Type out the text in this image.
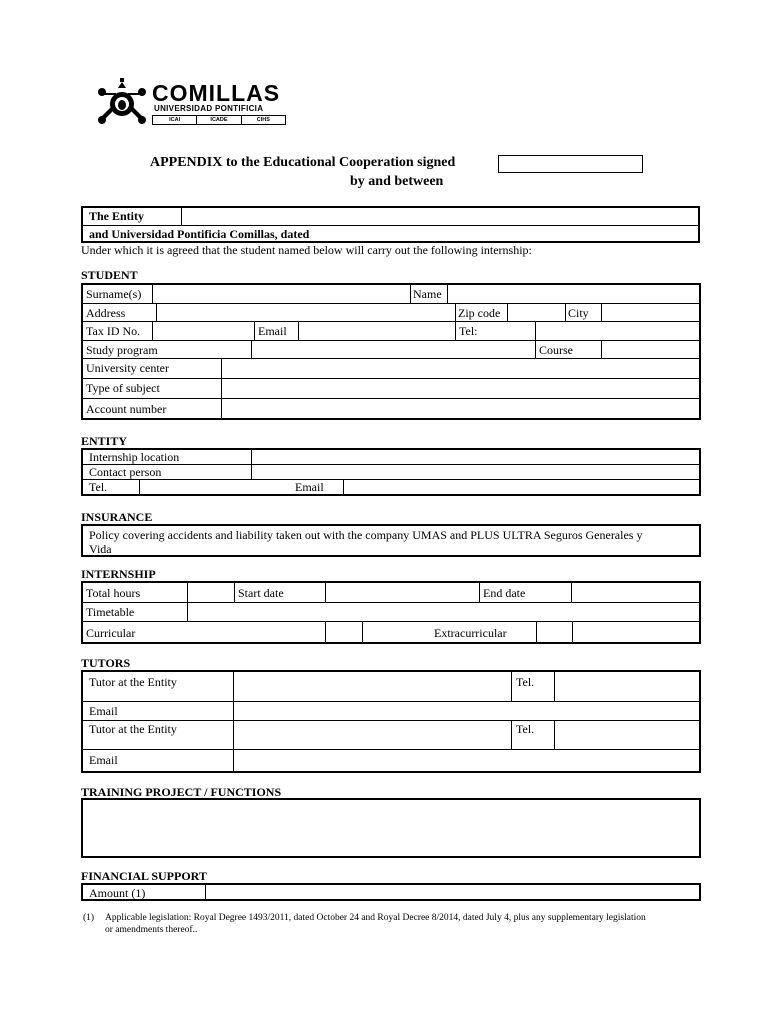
COMILLAS
UNIVERSIDAD PONTIFICIA
ICAI	ICADE	CIHS
APPENDIX to the Educational Cooperation signed
by and between
The Entity
and Universidad Pontificia Comillas, dated
Under which it is agreed that the student named below will carry out the following internship:
STUDENT
Surname(s)	Name
Address	Zip code	City
Tax ID No.	Email	Tel:
Study program	Course
University center
Type of subject
Account number
ENTITY
Internship location
Contact person
Tel.	Email
INSURANCE
Policy covering accidents and liability taken out with the company UMAS and PLUS ULTRA Seguros Generales y
Vida
INTERNSHIP
Total hours	Start date	End date
Timetable
Curricular	Extracurricular
TUTORS
Tutor at the Entity	Tel.
Email
Tutor at the Entity	Tel.
Email
TRAINING PROJECT / FUNCTIONS
FINANCIAL SUPPORT
Amount (1)
(1) Applicable legislation: Royal Degree 1493/2011, dated October 24 and Royal Decree 8/2014, dated July 4, plus any supplementary legislation
or amendments thereof..
